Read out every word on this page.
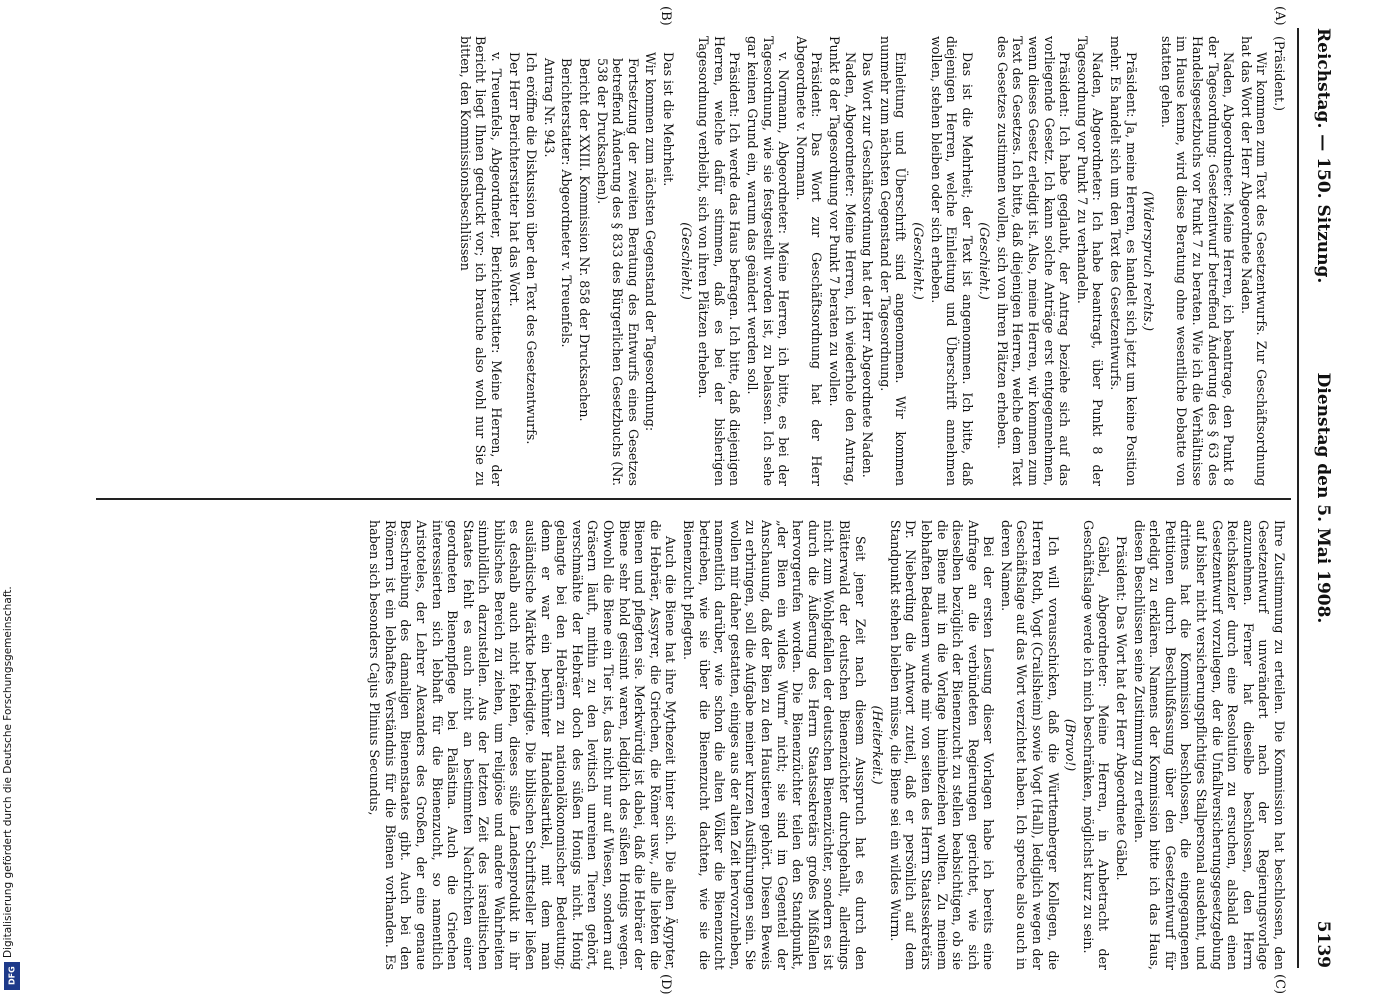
Reichstag. — 150. Sitzung.
Dienstag den 5. Mai 1908.
5139
(A)
(B)
(C)
(D)

(Präsident.)

Wir kommen zum Text des Gesetzentwurfs. Zur Geschäftsordnung hat das Wort der Herr Abgeordnete Naden.

Naden, Abgeordneter: Meine Herren, ich beantrage, den Punkt 8 der Tagesordnung: Gesetzentwurf betreffend Änderung des § 63 des Handelsgesetzbuchs vor Punkt 7 zu beraten. Wie ich die Verhältnisse im Hause kenne, wird diese Beratung ohne wesentliche Debatte von statten gehen.

(Widerspruch rechts.)

Präsident: Ja, meine Herren, es handelt sich jetzt um keine Position mehr. Es handelt sich um den Text des Gesetzentwurfs.

Naden, Abgeordneter: Ich habe beantragt, über Punkt 8 der Tagesordnung vor Punkt 7 zu verhandeln.

Präsident: Ich habe geglaubt, der Antrag beziehe sich auf das vorliegende Gesetz. Ich kann solche Anträge erst entgegennehmen, wenn dieses Gesetz erledigt ist. Also, meine Herren, wir kommen zum Text des Gesetzes. Ich bitte, daß diejenigen Herren, welche dem Text des Gesetzes zustimmen wollen, sich von ihren Plätzen erheben.

(Geschieht.)

Das ist die Mehrheit; der Text ist angenommen. Ich bitte, daß diejenigen Herren, welche Einleitung und Überschrift annehmen wollen, stehen bleiben oder sich erheben.

(Geschieht.)

Einleitung und Überschrift sind angenommen. Wir kommen nunmehr zum nächsten Gegenstand der Tagesordnung.

Das Wort zur Geschäftsordnung hat der Herr Abgeordnete Naden.

Naden, Abgeordneter: Meine Herren, ich wiederhole den Antrag, Punkt 8 der Tagesordnung vor Punkt 7 beraten zu wollen.

Präsident: Das Wort zur Geschäftsordnung hat der Herr Abgeordnete v. Normann.

v. Normann, Abgeordneter: Meine Herren, ich bitte, es bei der Tagesordnung, wie sie festgestellt worden ist, zu belassen. Ich sehe gar keinen Grund ein, warum das geändert werden soll.

Präsident: Ich werde das Haus befragen. Ich bitte, daß diejenigen Herren, welche dafür stimmen, daß es bei der bisherigen Tagesordnung verbleibt, sich von ihren Plätzen erheben.

(Geschieht.)

Das ist die Mehrheit.

Wir kommen zum nächsten Gegenstand der Tagesordnung:

Fortsetzung der zweiten Beratung des Entwurfs eines Gesetzes betreffend Änderung des § 833 des Bürgerlichen Gesetzbuchs (Nr. 538 der Drucksachen).

Bericht der XXIII. Kommission Nr. 858 der Drucksachen.

Berichterstatter: Abgeordneter v. Treuenfels.

Antrag Nr. 943.

Ich eröffne die Diskussion über den Text des Gesetzentwurfs.

Der Herr Berichterstatter hat das Wort.

v. Treuenfels, Abgeordneter, Berichterstatter: Meine Herren, der Bericht liegt Ihnen gedruckt vor; ich brauche also wohl nur Sie zu bitten, den Kommissionsbeschlüssen

Ihre Zustimmung zu erteilen. Die Kommission hat beschlossen, den Gesetzentwurf unverändert nach der Regierungsvorlage anzunehmen. Ferner hat dieselbe beschlossen, den Herrn Reichskanzler durch eine Resolution zu ersuchen, alsbald einen Gesetzentwurf vorzulegen, der die Unfallversicherungsgesetzgebung auf bisher nicht versicherungspflichtiges Stallpersonal ausdehnt, und drittens hat die Kommission beschlossen, die eingegangenen Petitionen durch Beschlußfassung über den Gesetzentwurf für erledigt zu erklären. Namens der Kommission bitte ich das Haus, diesen Beschlüssen seine Zustimmung zu erteilen.

Präsident: Das Wort hat der Herr Abgeordnete Gäbel.

Gäbel, Abgeordneter: Meine Herren, in Anbetracht der Geschäftslage werde ich mich beschränken, möglichst kurz zu sein.

(Bravo!)

Ich will vorausschicken, daß die Württemberger Kollegen, die Herren Roth, Vogt (Crailsheim) sowie Vogt (Hall), lediglich wegen der Geschäftslage auf das Wort verzichtet haben. Ich spreche also auch in deren Namen.

Bei der ersten Lesung dieser Vorlagen habe ich bereits eine Anfrage an die verbündeten Regierungen gerichtet, wie sich dieselben bezüglich der Bienenzucht zu stellen beabsichtigen, ob sie die Biene mit in die Vorlage hineinbeziehen wollten. Zu meinem lebhaften Bedauern wurde mir von seiten des Herrn Staatssekretärs Dr. Nieberding die Antwort zuteil, daß er persönlich auf dem Standpunkt stehen bleiben müsse, die Biene sei ein wildes Wurm.

(Heiterkeit.)

Seit jener Zeit nach diesem Ausspruch hat es durch den Blätterwald der deutschen Bienenzüchter durchgehallt, allerdings nicht zum Wohlgefallen der deutschen Bienenzüchter, sondern es ist durch die Äußerung des Herrn Staatssekretärs großes Mißfallen hervorgerufen worden. Die Bienenzüchter teilen den Standpunkt, „der Bien ein wildes Wurm“ nicht; sie sind im Gegenteil der Anschauung, daß der Bien zu den Haustieren gehört. Diesen Beweis zu erbringen, soll die Aufgabe meiner kurzen Ausführungen sein. Sie wollen mir daher gestatten, einiges aus der alten Zeit hervorzuheben, namentlich darüber, wie schon die alten Völker die Bienenzucht betrieben, wie sie über die Bienenzucht dachten, wie sie die Bienenzucht pflegten.

Auch die Biene hat ihre Mythezeit hinter sich. Die alten Ägypter, die Hebräer, Assyrer, die Griechen, die Römer usw., alle liebten die Bienen und pflegten sie. Merkwürdig ist dabei, daß die Hebräer der Biene sehr hold gesinnt waren, lediglich des süßen Honigs wegen. Obwohl die Biene ein Tier ist, das nicht nur auf Wiesen, sondern auf Gräsern läuft, mithin zu den levitisch unreinen Tieren gehört, verschmähte der Hebräer doch des süßen Honigs nicht. Honig gelangte bei den Hebräern zu nationalökonomischer Bedeutung; denn er war ein berühmter Handelsartikel, mit dem man ausländische Märkte befriedigte. Die biblischen Schriftsteller ließen es deshalb auch nicht fehlen, dieses süße Landesprodukt in ihr biblisches Bereich zu ziehen, um religiöse und andere Wahrheiten sinnbildlich darzustellen. Aus der letzten Zeit des israelitischen Staates fehlt es auch nicht an bestimmten Nachrichten einer geordneten Bienenpflege bei Palästina. Auch die Griechen interessierten sich lebhaft für die Bienenzucht, so namentlich Aristoteles, der Lehrer Alexanders des Großen, der eine genaue Beschreibung des damaligen Bienenstaates gibt. Auch bei den Römern ist ein lebhaftes Verständnis für die Bienen vorhanden. Es haben sich besonders Cajus Plinius Secundus,

Digitalisierung gefördert durch die Deutsche Forschungsgemeinschaft.
DFG
